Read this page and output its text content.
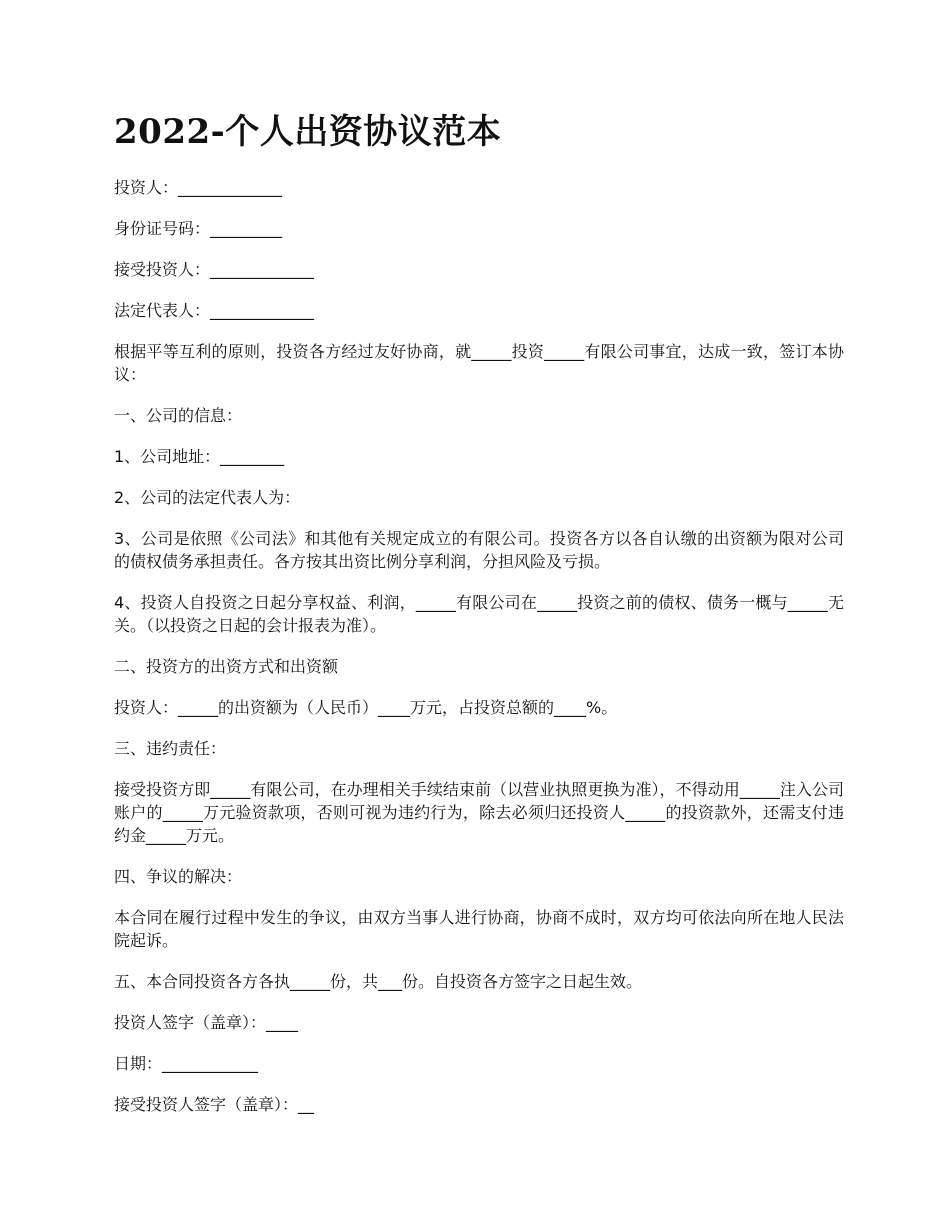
2022-个人出资协议范本

投资人：_____________

身份证号码：_________

接受投资人：_____________

法定代表人：_____________

根据平等互利的原则，投资各方经过友好协商，就_____投资_____有限公司事宜，达成一致，签订本协议：

一、公司的信息：

1、公司地址：________

2、公司的法定代表人为：

3、公司是依照《公司法》和其他有关规定成立的有限公司。投资各方以各自认缴的出资额为限对公司的债权债务承担责任。各方按其出资比例分享利润，分担风险及亏损。

4、投资人自投资之日起分享权益、利润，_____有限公司在_____投资之前的债权、债务一概与_____无关。（以投资之日起的会计报表为准）。

二、投资方的出资方式和出资额

投资人：_____的出资额为（人民币）____万元，占投资总额的____%。

三、违约责任：

接受投资方即_____有限公司，在办理相关手续结束前（以营业执照更换为准），不得动用_____注入公司账户的_____万元验资款项，否则可视为违约行为，除去必须归还投资人_____的投资款外，还需支付违约金_____万元。

四、争议的解决：

本合同在履行过程中发生的争议，由双方当事人进行协商，协商不成时，双方均可依法向所在地人民法院起诉。

五、本合同投资各方各执_____份，共___份。自投资各方签字之日起生效。

投资人签字（盖章）：____

日期：____________

接受投资人签字（盖章）：__
